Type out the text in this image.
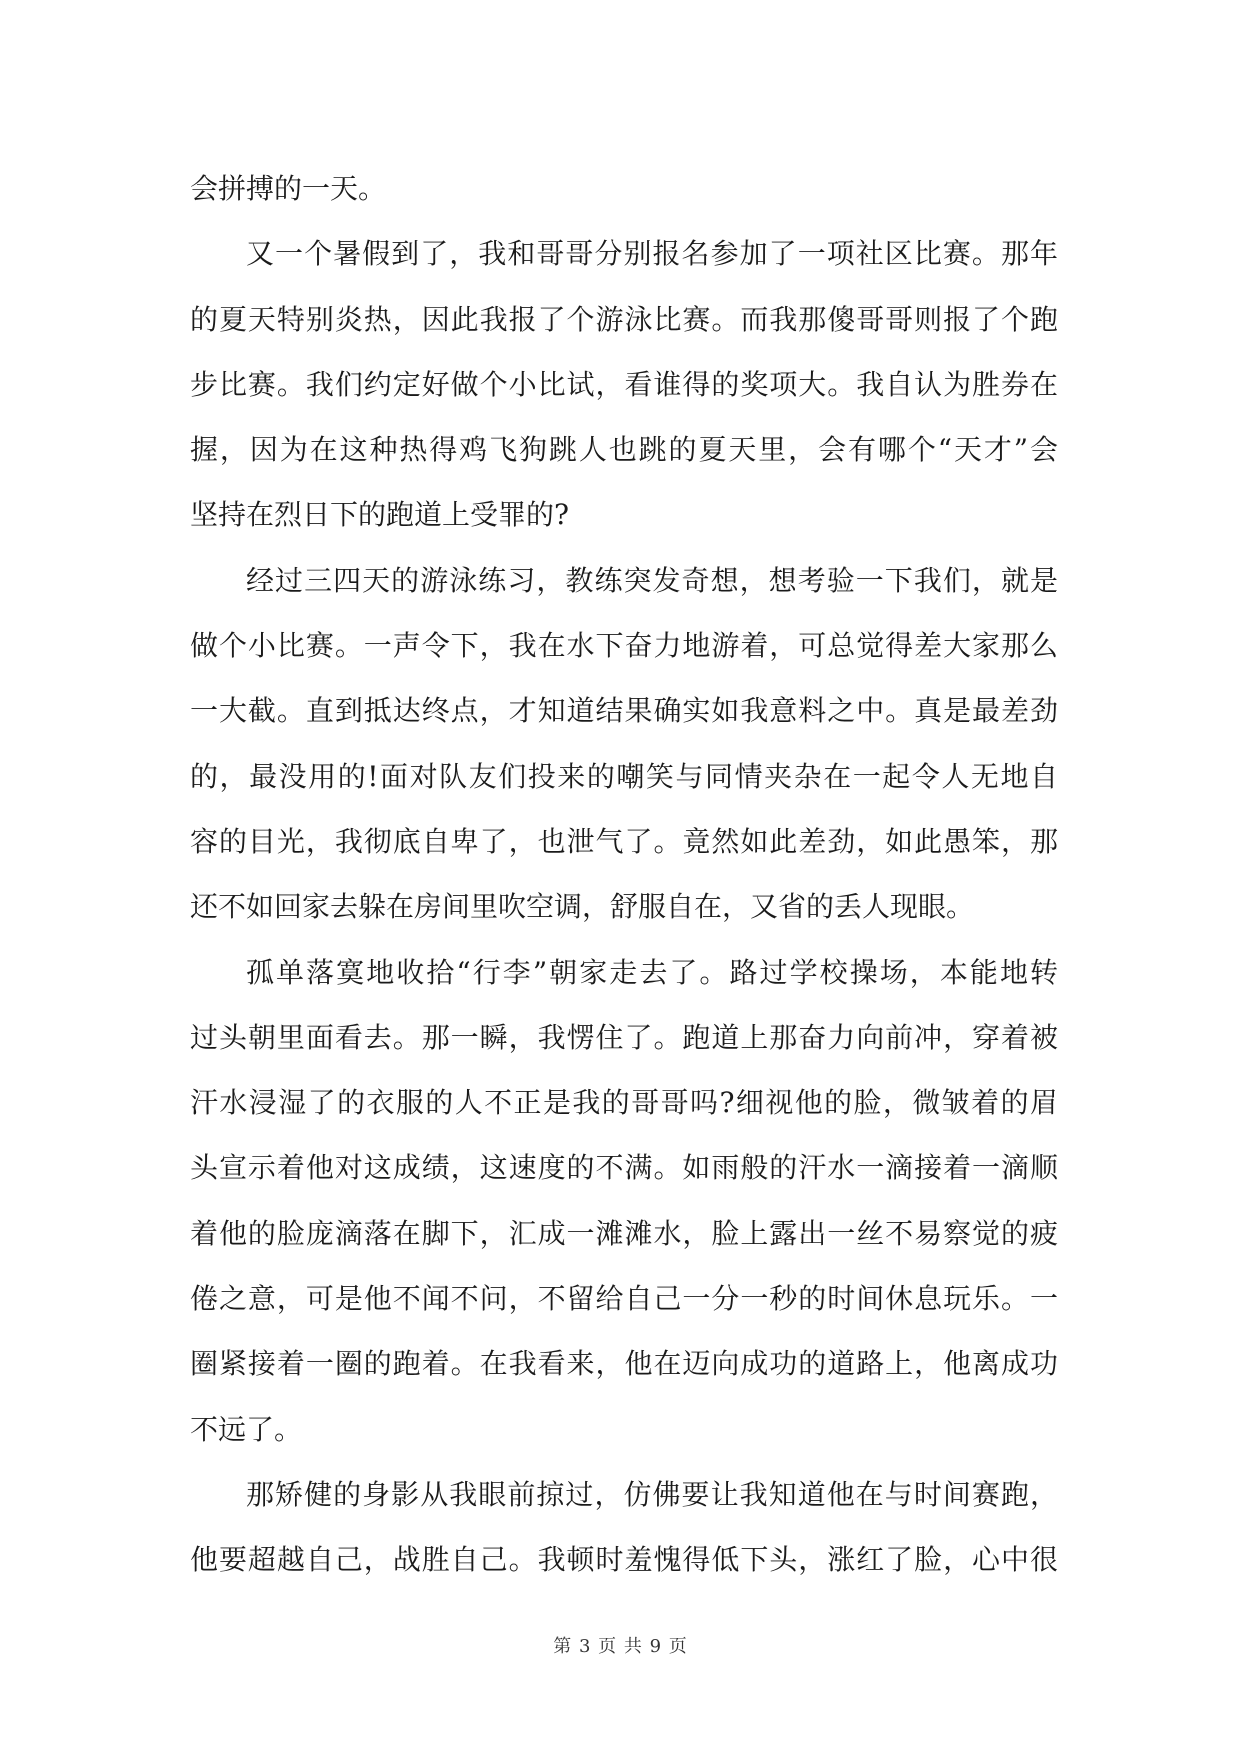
会拼搏的一天。
又一个暑假到了，我和哥哥分别报名参加了一项社区比赛。那年
的夏天特别炎热，因此我报了个游泳比赛。而我那傻哥哥则报了个跑
步比赛。我们约定好做个小比试，看谁得的奖项大。我自认为胜券在
握，因为在这种热得鸡飞狗跳人也跳的夏天里，会有哪个“天才”会
坚持在烈日下的跑道上受罪的?
经过三四天的游泳练习，教练突发奇想，想考验一下我们，就是
做个小比赛。一声令下，我在水下奋力地游着，可总觉得差大家那么
一大截。直到抵达终点，才知道结果确实如我意料之中。真是最差劲
的，最没用的!面对队友们投来的嘲笑与同情夹杂在一起令人无地自
容的目光，我彻底自卑了，也泄气了。竟然如此差劲，如此愚笨，那
还不如回家去躲在房间里吹空调，舒服自在，又省的丢人现眼。
孤单落寞地收拾“行李”朝家走去了。路过学校操场，本能地转
过头朝里面看去。那一瞬，我愣住了。跑道上那奋力向前冲，穿着被
汗水浸湿了的衣服的人不正是我的哥哥吗?细视他的脸，微皱着的眉
头宣示着他对这成绩，这速度的不满。如雨般的汗水一滴接着一滴顺
着他的脸庞滴落在脚下，汇成一滩滩水，脸上露出一丝不易察觉的疲
倦之意，可是他不闻不问，不留给自己一分一秒的时间休息玩乐。一
圈紧接着一圈的跑着。在我看来，他在迈向成功的道路上，他离成功
不远了。
那矫健的身影从我眼前掠过，仿佛要让我知道他在与时间赛跑，
他要超越自己，战胜自己。我顿时羞愧得低下头，涨红了脸，心中很
第 3 页 共 9 页
